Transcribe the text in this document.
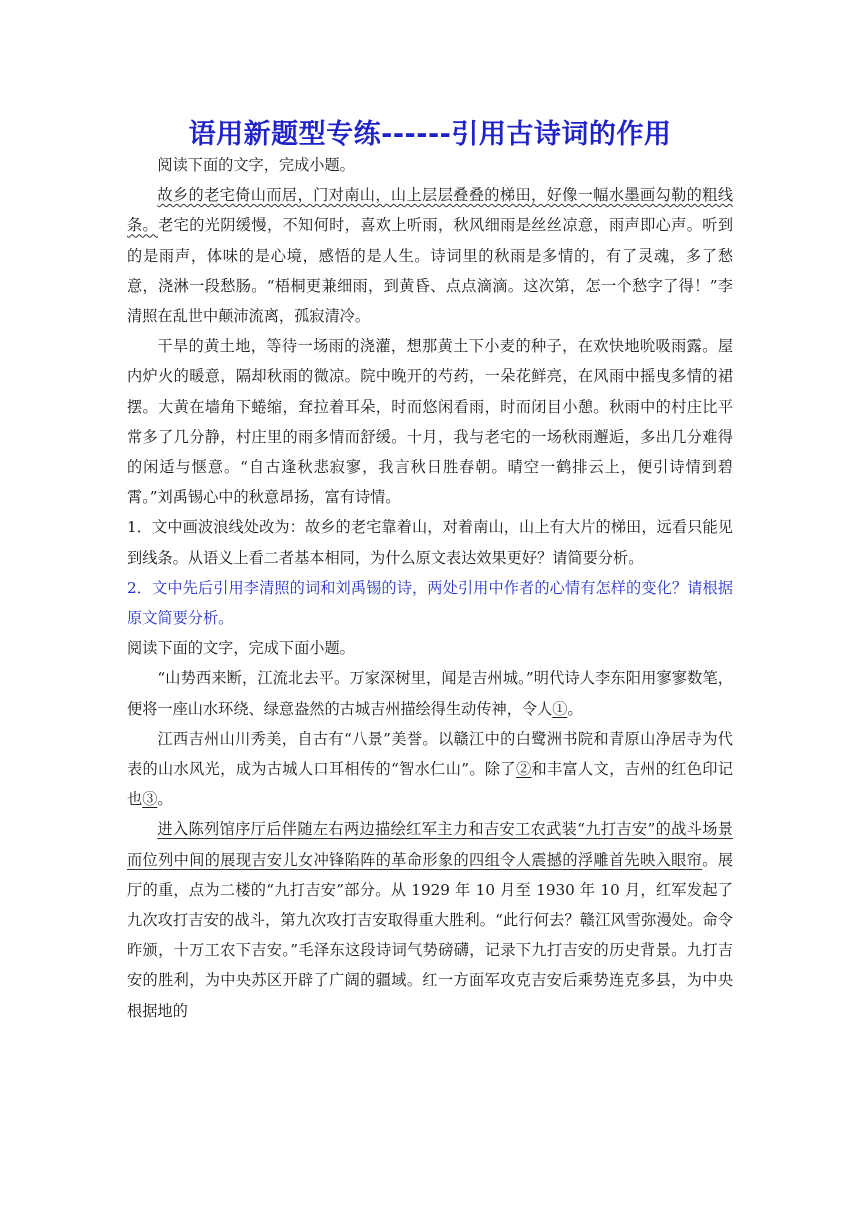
语用新题型专练------引用古诗词的作用

阅读下面的文字，完成小题。

故乡的老宅倚山而居，门对南山，山上层层叠叠的梯田，好像一幅水墨画勾勒的粗线条。老宅的光阴缓慢，不知何时，喜欢上听雨，秋风细雨是丝丝凉意，雨声即心声。听到的是雨声，体味的是心境，感悟的是人生。诗词里的秋雨是多情的，有了灵魂，多了愁意，浇淋一段愁肠。“梧桐更兼细雨，到黄昏、点点滴滴。这次第，怎一个愁字了得！”李清照在乱世中颠沛流离，孤寂清冷。

干旱的黄土地，等待一场雨的浇灌，想那黄土下小麦的种子，在欢快地吮吸雨露。屋内炉火的暖意，隔却秋雨的微凉。院中晚开的芍药，一朵花鲜亮，在风雨中摇曳多情的裙摆。大黄在墙角下蜷缩，耷拉着耳朵，时而悠闲看雨，时而闭目小憩。秋雨中的村庄比平常多了几分静，村庄里的雨多情而舒缓。十月，我与老宅的一场秋雨邂逅，多出几分难得的闲适与惬意。“自古逢秋悲寂寥，我言秋日胜春朝。晴空一鹤排云上，便引诗情到碧霄。”刘禹锡心中的秋意昂扬，富有诗情。

1．文中画波浪线处改为：故乡的老宅靠着山，对着南山，山上有大片的梯田，远看只能见到线条。从语义上看二者基本相同，为什么原文表达效果更好？请简要分析。

2．文中先后引用李清照的词和刘禹锡的诗，两处引用中作者的心情有怎样的变化？请根据原文简要分析。

阅读下面的文字，完成下面小题。

“山势西来断，江流北去平。万家深树里，闻是吉州城。”明代诗人李东阳用寥寥数笔，便将一座山水环绕、绿意盎然的古城吉州描绘得生动传神，令人①。

江西吉州山川秀美，自古有“八景”美誉。以赣江中的白鹭洲书院和青原山净居寺为代表的山水风光，成为古城人口耳相传的“智水仁山”。除了②和丰富人文，吉州的红色印记也③。

进入陈列馆序厅后伴随左右两边描绘红军主力和吉安工农武装“九打吉安”的战斗场景而位列中间的展现吉安儿女冲锋陷阵的革命形象的四组令人震撼的浮雕首先映入眼帘。展厅的重，点为二楼的“九打吉安”部分。从 1929 年 10 月至 1930 年 10 月，红军发起了九次攻打吉安的战斗，第九次攻打吉安取得重大胜利。“此行何去？赣江风雪弥漫处。命令昨颁，十万工农下吉安。”毛泽东这段诗词气势磅礴，记录下九打吉安的历史背景。九打吉安的胜利，为中央苏区开辟了广阔的疆域。红一方面军攻克吉安后乘势连克多县，为中央根据地的
